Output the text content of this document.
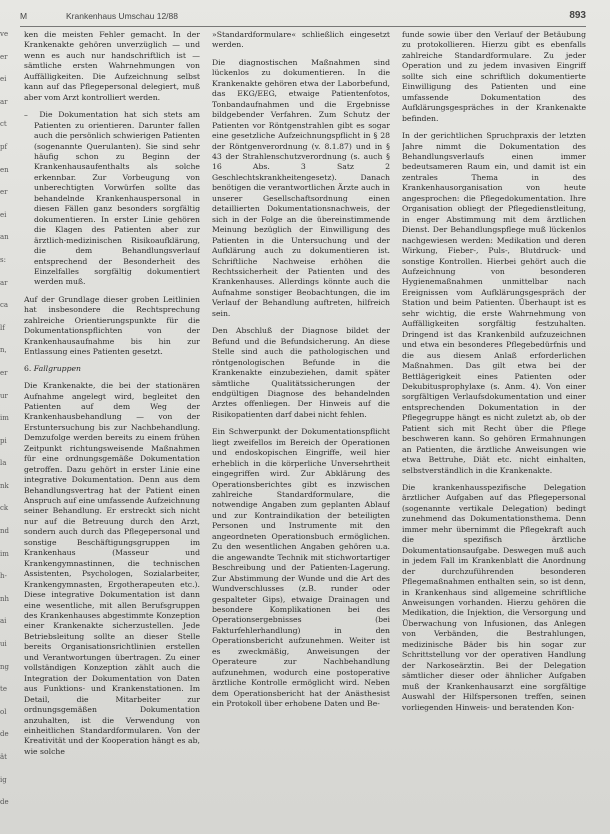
M	Krankenhaus Umschau 12/88	893
ve
er
ei
ar
ct
pf
en
er
ei
an
s:
ar
ca
lf
n,
er
ur
im
pi
la
nk
ck
nd
im
h-
nh
ai
ui
ng
te
ol
de
ät
ig
de

ken die meisten Fehler gemacht. In der Krankenakte gehören unverzüglich — und wenn es auch nur handschriftlich ist — sämtliche ersten Wahrnehmungen von Auffälligkeiten. Die Aufzeichnung selbst kann auf das Pflegepersonal delegiert, muß aber vom Arzt kontrolliert werden.

–  Die Dokumentation hat sich stets am Patienten zu orientieren. Darunter fallen auch die persönlich schwierigen Patienten (sogenannte Querulanten). Sie sind sehr häufig schon zu Beginn der Krankenhausaufenthalts als solche erkennbar. Zur Vorbeugung von unberechtigten Vorwürfen sollte das behandelnde Krankenhauspersonal in diesen Fällen ganz besonders sorgfältig dokumentieren. In erster Linie gehören die Klagen des Patienten aber zur ärztlich-medizinischen Risikoaufklärung, die dem Behandlungsverlauf entsprechend der Besonderheit des Einzelfalles sorgfältig dokumentiert werden muß.

Auf der Grundlage dieser groben Leitlinien hat insbesondere die Rechtsprechung zahlreiche Orientierungspunkte für die Dokumentationspflichten von der Krankenhausaufnahme bis hin zur Entlassung eines Patienten gesetzt.

6. Fallgruppen

Die Krankenakte, die bei der stationären Aufnahme angelegt wird, begleitet den Patienten auf dem Weg der Krankenhausbehandlung — von der Erstuntersuchung bis zur Nachbehandlung. Demzufolge werden bereits zu einem frühen Zeitpunkt richtungsweisende Maßnahmen für eine ordnungsgemäße Dokumentation getroffen. Dazu gehört in erster Linie eine integrative Dokumentation. Denn aus dem Behandlungsvertrag hat der Patient einen Anspruch auf eine umfassende Aufzeichnung seiner Behandlung. Er erstreckt sich nicht nur auf die Betreuung durch den Arzt, sondern auch durch das Pflegepersonal und sonstige Beschäftigungsgruppen im Krankenhaus (Masseur und Krankengymnastinnen, die technischen Assistenten, Psychologen, Sozialarbeiter, Krankengymnasten, Ergotherapeuten etc.). Diese integrative Dokumentation ist dann eine wesentliche, mit allen Berufsgruppen des Krankenhauses abgestimmte Konzeption einer Krankenakte sicherzustellen. Jede Betriebsleitung sollte an dieser Stelle bereits Organisationsrichtlinien erstellen und Verantwortungen übertragen. Zu einer vollständigen Konzeption zählt auch die Integration der Dokumentation von Daten aus Funktions- und Krankenstationen. Im Detail, die Mitarbeiter zur ordnungsgemäßen Dokumentation anzuhalten, ist die Verwendung von einheitlichen Standardformularen. Von der Kreativität und der Kooperation hängt es ab, wie solche

»Standardformulare« schließlich eingesetzt werden.

Die diagnostischen Maßnahmen sind lückenlos zu dokumentieren. In die Krankenakte gehören etwa der Laborbefund, das EKG/EEG, etwaige Patientenfotos, Tonbandaufnahmen und die Ergebnisse bildgebender Verfahren. Zum Schutz der Patienten vor Röntgenstrahlen gibt es sogar eine gesetzliche Aufzeichnungspflicht in § 28 der Röntgenverordnung (v. 8.1.87) und in § 43 der Strahlenschutzverordnung (s. auch § 16 Abs. 3 Satz 2 Geschlechtskrankheitengesetz). Danach benötigen die verantwortlichen Ärzte auch in unserer Gesellschaftsordnung einen detaillierten Dokumentationsnachweis, der sich in der Folge an die übereinstimmende Meinung bezüglich der Einwilligung des Patienten in die Untersuchung und der Aufklärung auch zu dokumentieren ist. Schriftliche Nachweise erhöhen die Rechtssicherheit der Patienten und des Krankenhauses. Allerdings könnte auch die Aufnahme sonstiger Beobachtungen, die im Verlauf der Behandlung auftreten, hilfreich sein.

Den Abschluß der Diagnose bildet der Befund und die Befundsicherung. An diese Stelle sind auch die pathologischen und röntgenologischen Befunde in die Krankenakte einzubeziehen, damit später sämtliche Qualitätssicherungen der endgültigen Diagnose des behandelnden Arztes offenliegen. Der Hinweis auf die Risikopatienten darf dabei nicht fehlen.

Ein Schwerpunkt der Dokumentationspflicht liegt zweifellos im Bereich der Operationen und endoskopischen Eingriffe, weil hier erheblich in die körperliche Unversehrtheit eingegriffen wird. Zur Abklärung des Operationsberichtes gibt es inzwischen zahlreiche Standardformulare, die notwendige Angaben zum geplanten Ablauf und zur Kontraindikation der beteiligten Personen und Instrumente mit den angeordneten Operationsbuch ermöglichen. Zu den wesentlichen Angaben gehören u.a. die angewandte Technik mit stichwortartiger Beschreibung und der Patienten-Lagerung. Zur Abstimmung der Wunde und die Art des Wundverschlusses (z.B. runder oder gespalteter Gips), etwaige Drainagen und besondere Komplikationen bei des Operationsergebnisses (bei Fakturfehlerhandlung) in den Operationsbericht aufzunehmen. Weiter ist es zweckmäßig, Anweisungen der Operateure zur Nachbehandlung aufzunehmen, wodurch eine postoperative ärztliche Kontrolle ermöglicht wird. Neben dem Operationsbericht hat der Anästhesist ein Protokoll über erhobene Daten und Be-

funde sowie über den Verlauf der Betäubung zu protokollieren. Hierzu gibt es ebenfalls zahlreiche Standardformulare. Zu jeder Operation und zu jedem invasiven Eingriff sollte sich eine schriftlich dokumentierte Einwilligung des Patienten und eine umfassende Dokumentation des Aufklärungsgespräches in der Krankenakte befinden.

In der gerichtlichen Spruchpraxis der letzten Jahre nimmt die Dokumentation des Behandlungsverlaufs einen immer bedeutsameren Raum ein, und damit ist ein zentrales Thema in des Krankenhausorganisation von heute angesprochen: die Pflegedokumentation. Ihre Organisation obliegt der Pflegedienstleitung, in enger Abstimmung mit dem ärztlichen Dienst. Der Behandlungspflege muß lückenlos nachgewiesen werden: Medikation und deren Wirkung, Fieber-, Puls-, Blutdruck- und sonstige Kontrollen. Hierbei gehört auch die Aufzeichnung von besonderen Hygienemaßnahmen unmittelbar nach Ereignissen vom Aufklärungsgespräch der Station und beim Patienten. Überhaupt ist es sehr wichtig, die erste Wahrnehmung von Auffälligkeiten sorgfältig festzuhalten. Dringend ist das Krankenbild aufzuzeichnen und etwa ein besonderes Pflegebedürfnis und die aus diesem Anlaß erforderlichen Maßnahmen. Das gilt etwa bei der Bettlägerigkeit eines Patienten oder Dekubitusprophylaxe (s. Anm. 4). Von einer sorgfältigen Verlaufsdokumentation und einer entsprechenden Dokumentation in der Pflegegruppe hängt es nicht zuletzt ab, ob der Patient sich mit Recht über die Pflege beschweren kann. So gehören Ermahnungen an Patienten, die ärztliche Anweisungen wie etwa Bettruhe, Diät etc. nicht einhalten, selbstverständlich in die Krankenakte.

Die krankenhausspezifische Delegation ärztlicher Aufgaben auf das Pflegepersonal (sogenannte vertikale Delegation) bedingt zunehmend das Dokumentationsthema. Denn immer mehr übernimmt die Pflegekraft auch die spezifisch ärztliche Dokumentationsaufgabe. Deswegen muß auch in jedem Fall im Krankenblatt die Anordnung der durchzuführenden besonderen Pflegemaßnahmen enthalten sein, so ist denn, in Krankenhaus sind allgemeine schriftliche Anweisungen vorhanden. Hierzu gehören die Medikation, die Injektion, die Versorgung und Überwachung von Infusionen, das Anlegen von Verbänden, die Bestrahlungen, medizinische Bäder bis hin sogar zur Schrittstellung vor der operativen Handlung der Narkoseärztin. Bei der Delegation sämtlicher dieser oder ähnlicher Aufgaben muß der Krankenhausarzt eine sorgfältige Auswahl der Hilfspersonen treffen, seinen vorliegenden Hinweis- und beratenden Kon-
